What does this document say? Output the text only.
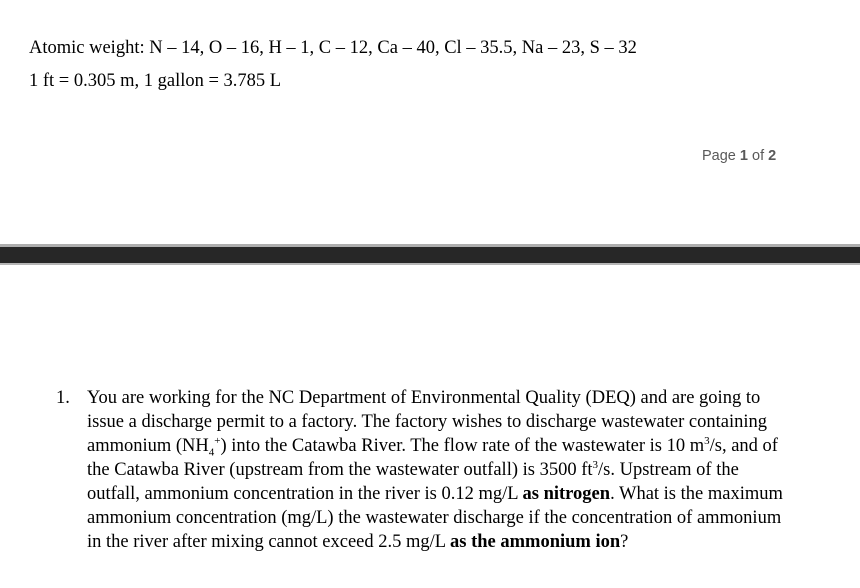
Atomic weight: N – 14, O – 16, H – 1, C – 12, Ca – 40, Cl – 35.5, Na – 23, S – 32
1 ft = 0.305 m, 1 gallon = 3.785 L
Page 1 of 2
1. You are working for the NC Department of Environmental Quality (DEQ) and are going to issue a discharge permit to a factory. The factory wishes to discharge wastewater containing ammonium $(NH_4^+)$ into the Catawba River. The flow rate of the wastewater is 10 $m^3/s$, and of the Catawba River (upstream from the wastewater outfall) is 3500 $ft^3/s$. Upstream of the outfall, ammonium concentration in the river is 0.12 mg/L as nitrogen. What is the maximum ammonium concentration (mg/L) the wastewater discharge if the concentration of ammonium in the river after mixing cannot exceed 2.5 mg/L as the ammonium ion?
